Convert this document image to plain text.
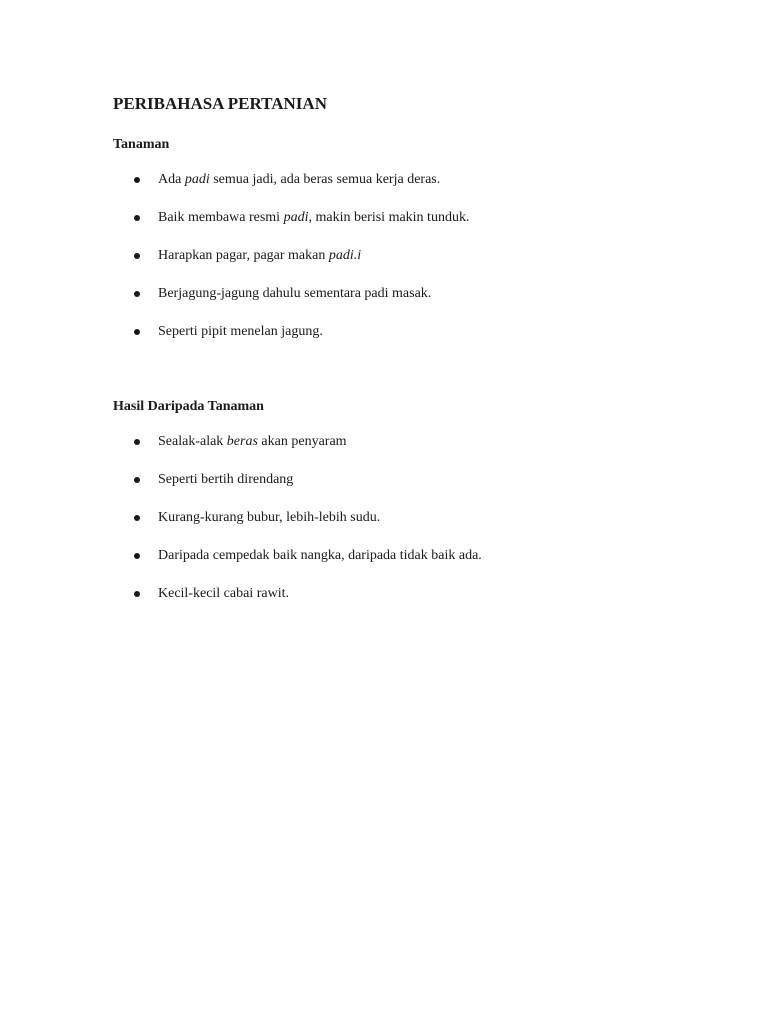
PERIBAHASA PERTANIAN
Tanaman
Ada padi semua jadi, ada beras semua kerja deras.
Baik membawa resmi padi, makin berisi makin tunduk.
Harapkan pagar, pagar makan padi.i
Berjagung-jagung dahulu sementara padi masak.
Seperti pipit menelan jagung.
Hasil Daripada Tanaman
Sealak-alak beras akan penyaram
Seperti bertih direndang
Kurang-kurang bubur, lebih-lebih sudu.
Daripada cempedak baik nangka, daripada tidak baik ada.
Kecil-kecil cabai rawit.
